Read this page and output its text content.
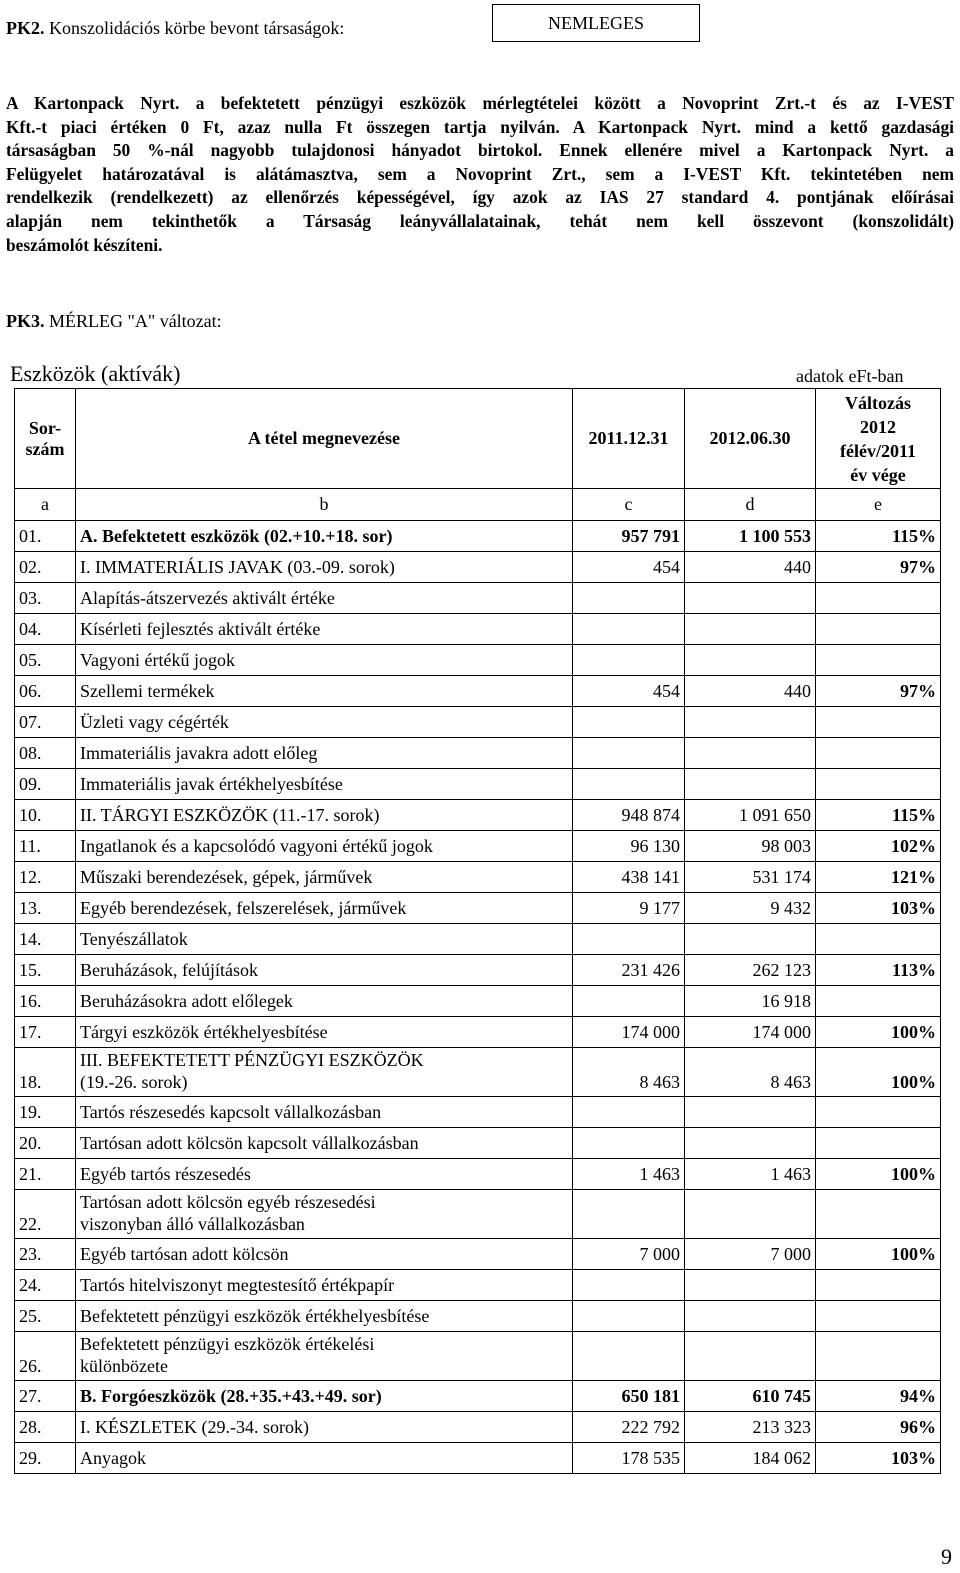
PK2. Konszolidációs körbe bevont társaságok:	NEMLEGES
A Kartonpack Nyrt. a befektetett pénzügyi eszközök mérlegtételei között a Novoprint Zrt.-t és az I-VEST
Kft.-t piaci értéken 0 Ft, azaz nulla Ft összegen tartja nyilván. A Kartonpack Nyrt. mind a kettő gazdasági
társaságban 50 %-nál nagyobb tulajdonosi hányadot birtokol. Ennek ellenére mivel a Kartonpack Nyrt. a
Felügyelet határozatával is alátámasztva, sem a Novoprint Zrt., sem a I-VEST Kft. tekintetében nem
rendelkezik (rendelkezett) az ellenőrzés képességével, így azok az IAS 27 standard 4. pontjának előírásai
alapján nem tekinthetők a Társaság leányvállalatainak, tehát nem kell összevont (konszolidált)
beszámolót készíteni.
PK3. MÉRLEG "A" változat:
Eszközök (aktívák)	adatok eFt-ban
Sor-
szám	A tétel megnevezése	2011.12.31	2012.06.30	Változás
2012
félév/2011
év vége
a	b	c	d	e
01.	A. Befektetett eszközök (02.+10.+18. sor)	957 791	1 100 553	115%
02.	I. IMMATERIÁLIS JAVAK (03.-09. sorok)	454	440	97%
03.	Alapítás-átszervezés aktivált értéke			
04.	Kísérleti fejlesztés aktivált értéke			
05.	Vagyoni értékű jogok			
06.	Szellemi termékek	454	440	97%
07.	Üzleti vagy cégérték			
08.	Immateriális javakra adott előleg			
09.	Immateriális javak értékhelyesbítése			
10.	II. TÁRGYI ESZKÖZÖK (11.-17. sorok)	948 874	1 091 650	115%
11.	Ingatlanok és a kapcsolódó vagyoni értékű jogok	96 130	98 003	102%
12.	Műszaki berendezések, gépek, járművek	438 141	531 174	121%
13.	Egyéb berendezések, felszerelések, járművek	9 177	9 432	103%
14.	Tenyészállatok			
15.	Beruházások, felújítások	231 426	262 123	113%
16.	Beruházásokra adott előlegek		16 918	
17.	Tárgyi eszközök értékhelyesbítése	174 000	174 000	100%
18.	III. BEFEKTETETT PÉNZÜGYI ESZKÖZÖK
(19.-26. sorok)	8 463	8 463	100%
19.	Tartós részesedés kapcsolt vállalkozásban			
20.	Tartósan adott kölcsön kapcsolt vállalkozásban			
21.	Egyéb tartós részesedés	1 463	1 463	100%
22.	Tartósan adott kölcsön egyéb részesedési
viszonyban álló vállalkozásban			
23.	Egyéb tartósan adott kölcsön	7 000	7 000	100%
24.	Tartós hitelviszonyt megtestesítő értékpapír			
25.	Befektetett pénzügyi eszközök értékhelyesbítése			
26.	Befektetett pénzügyi eszközök értékelési
különbözete			
27.	B. Forgóeszközök (28.+35.+43.+49. sor)	650 181	610 745	94%
28.	I. KÉSZLETEK (29.-34. sorok)	222 792	213 323	96%
29.	Anyagok	178 535	184 062	103%
9
